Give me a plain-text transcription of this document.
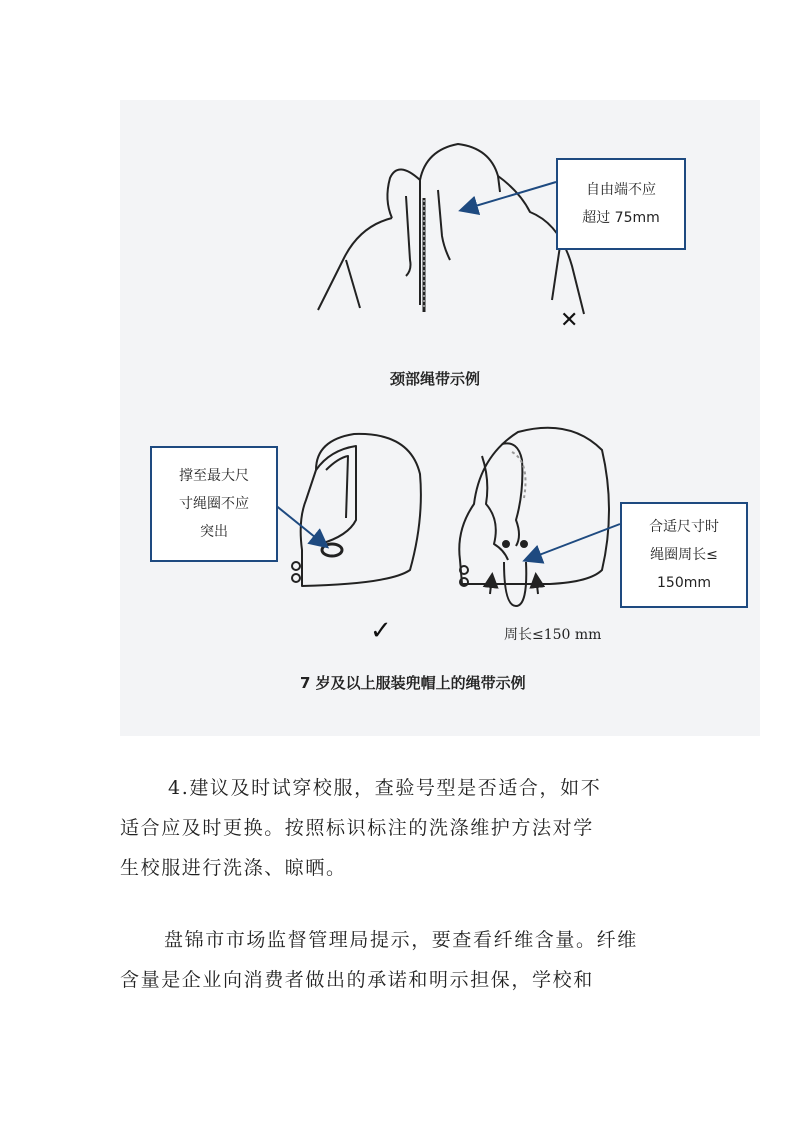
自由端不应
超过 75mm
✕
颈部绳带示例
撑至最大尺
寸绳圈不应
突出	合适尺寸时
绳圈周长≤
150mm
✓	周长≤150 mm
7 岁及以上服装兜帽上的绳带示例

4.建议及时试穿校服，查验号型是否适合，如不

适合应及时更换。按照标识标注的洗涤维护方法对学

生校服进行洗涤、晾晒。

盘锦市市场监督管理局提示，要查看纤维含量。纤维

含量是企业向消费者做出的承诺和明示担保，学校和
